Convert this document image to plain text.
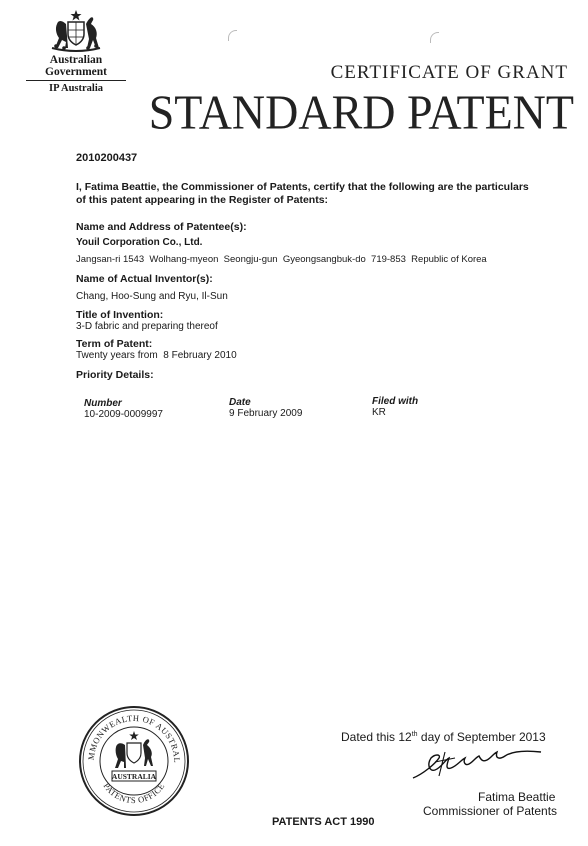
Australian Government
IP Australia
CERTIFICATE OF GRANT
STANDARD PATENT
2010200437
I, Fatima Beattie, the Commissioner of Patents, certify that the following are the particulars
of this patent appearing in the Register of Patents:
Name and Address of Patentee(s):
Youil Corporation Co., Ltd.
Jangsan-ri 1543  Wolhang-myeon  Seongju-gun  Gyeongsangbuk-do  719-853  Republic of Korea
Name of Actual Inventor(s):
Chang, Hoo-Sung and Ryu, Il-Sun
Title of Invention:
3-D fabric and preparing thereof
Term of Patent:
Twenty years from  8 February 2010
Priority Details:
Number	Date	Filed with
10-2009-0009997	9 February 2009	KR
MMONWEALTH OF AUSTRAL
PATENTS OFFICE
AUSTRALIA
Dated this 12th day of September 2013
Fatima Beattie
Commissioner of Patents
PATENTS ACT 1990
